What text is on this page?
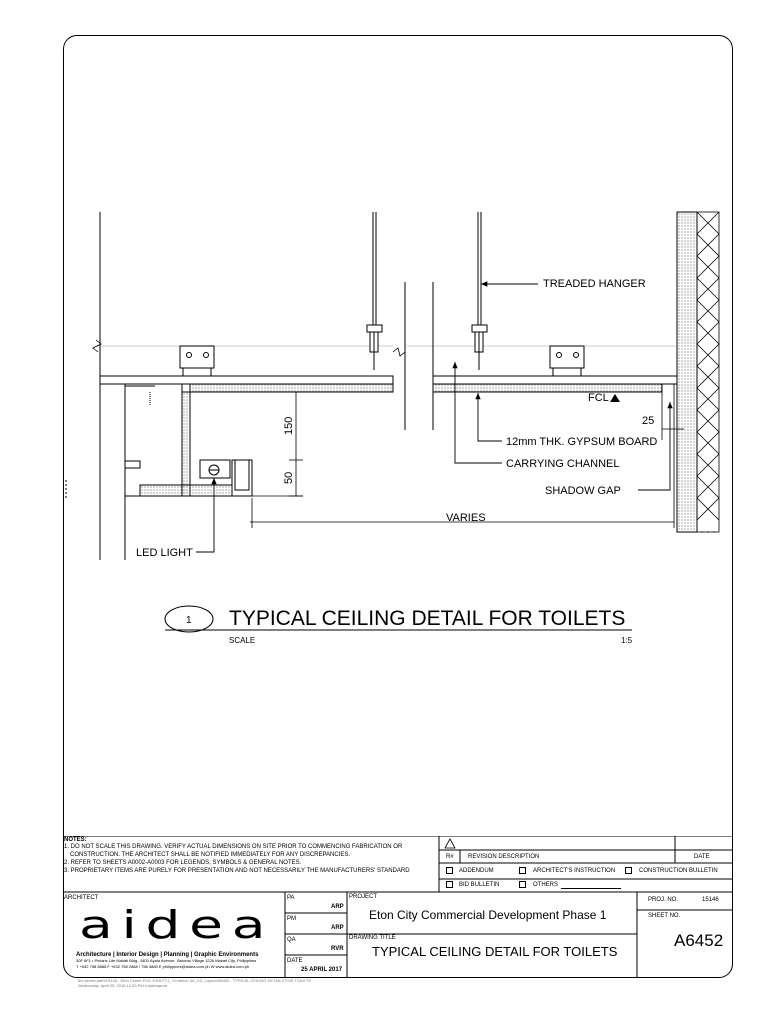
TREADED HANGER
FCL
12mm THK. GYPSUM BOARD
CARRYING CHANNEL
SHADOW GAP
VARIES
LED LIGHT
25
150
50
1 TYPICAL CEILING DETAIL FOR TOILETS
SCALE	1:5
NOTES:
1. DO NOT SCALE THIS DRAWING. VERIFY ACTUAL DIMENSIONS ON SITE PRIOR TO COMMENCING FABRICATION OR
CONSTRUCTION. THE ARCHITECT SHALL BE NOTIFIED IMMEDIATELY FOR ANY DISCREPANCIES.
2. REFER TO SHEETS A0002-A0003 FOR LEGENDS, SYMBOLS & GENERAL NOTES.
3. PROPRIETARY ITEMS ARE PURELY FOR PRESENTATION AND NOT NECESSARILY THE MANUFACTURERS' STANDARD
R# REVISION DESCRIPTION	DATE
ADDENDUM	ARCHITECT'S INSTRUCTION	CONSTRUCTION BULLETIN
BID BULLETIN	OTHERS
ARCHITECT
aidea
Architecture | Interior Design | Planning | Graphic Environments
30F 6F1 • Pinlans Life Makati Bldg., 6811 Ayala Avenue, Salcedo Village 1226 Makati City, Philippines
T +632 758 8888 F +632 758 2888 / 758 3889 E philippines@aidea.com.ph W www.aidea.com.ph
PA
ARP
PM
ARP
QA
RVR
DATE
25 APRIL 2017
PROJECT
Eton City Commercial Development Phase 1
DRAWING TITLE
TYPICAL CEILING DETAIL FOR TOILETS
PROJ. NO.	15146
SHEET NO.
A6452
the server path/15146 - Eton Center Ph1/ 2016 FT1_Y-Interior/ 46_CD_Layout/A6452 - TYPICAL CEILING DETAILS FOR TOILETS
Wednesday, April 25, 2018 12:50 PM n.dalmapura
